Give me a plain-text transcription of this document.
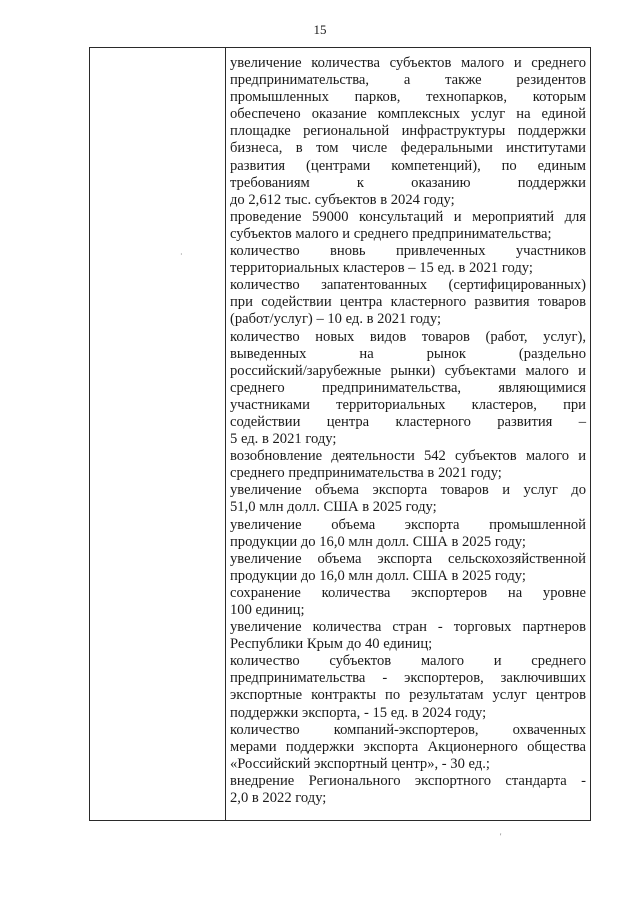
15
увеличение количества субъектов малого и среднего
предпринимательства, а также резидентов
промышленных парков, технопарков, которым
обеспечено оказание комплексных услуг на единой
площадке региональной инфраструктуры поддержки
бизнеса, в том числе федеральными институтами
развития (центрами компетенций), по единым
требованиям к оказанию поддержки
до 2,612 тыс. субъектов в 2024 году;
проведение 59000 консультаций и мероприятий для
субъектов малого и среднего предпринимательства;
количество вновь привлеченных участников
территориальных кластеров – 15 ед. в 2021 году;
количество запатентованных (сертифицированных)
при содействии центра кластерного развития товаров
(работ/услуг) – 10 ед. в 2021 году;
количество новых видов товаров (работ, услуг),
выведенных на рынок (раздельно
российский/зарубежные рынки) субъектами малого и
среднего предпринимательства, являющимися
участниками территориальных кластеров, при
содействии центра кластерного развития –
5 ед. в 2021 году;
возобновление деятельности 542 субъектов малого и
среднего предпринимательства в 2021 году;
увеличение объема экспорта товаров и услуг до
51,0 млн долл. США в 2025 году;
увеличение объема экспорта промышленной
продукции до 16,0 млн долл. США в 2025 году;
увеличение объема экспорта сельскохозяйственной
продукции до 16,0 млн долл. США в 2025 году;
сохранение количества экспортеров на уровне
100 единиц;
увеличение количества стран - торговых партнеров
Республики Крым до 40 единиц;
количество субъектов малого и среднего
предпринимательства - экспортеров, заключивших
экспортные контракты по результатам услуг центров
поддержки экспорта, - 15 ед. в 2024 году;
количество компаний-экспортеров, охваченных
мерами поддержки экспорта Акционерного общества
«Российский экспортный центр», - 30 ед.;
внедрение Регионального экспортного стандарта -
2,0 в 2022 году;
·
'
